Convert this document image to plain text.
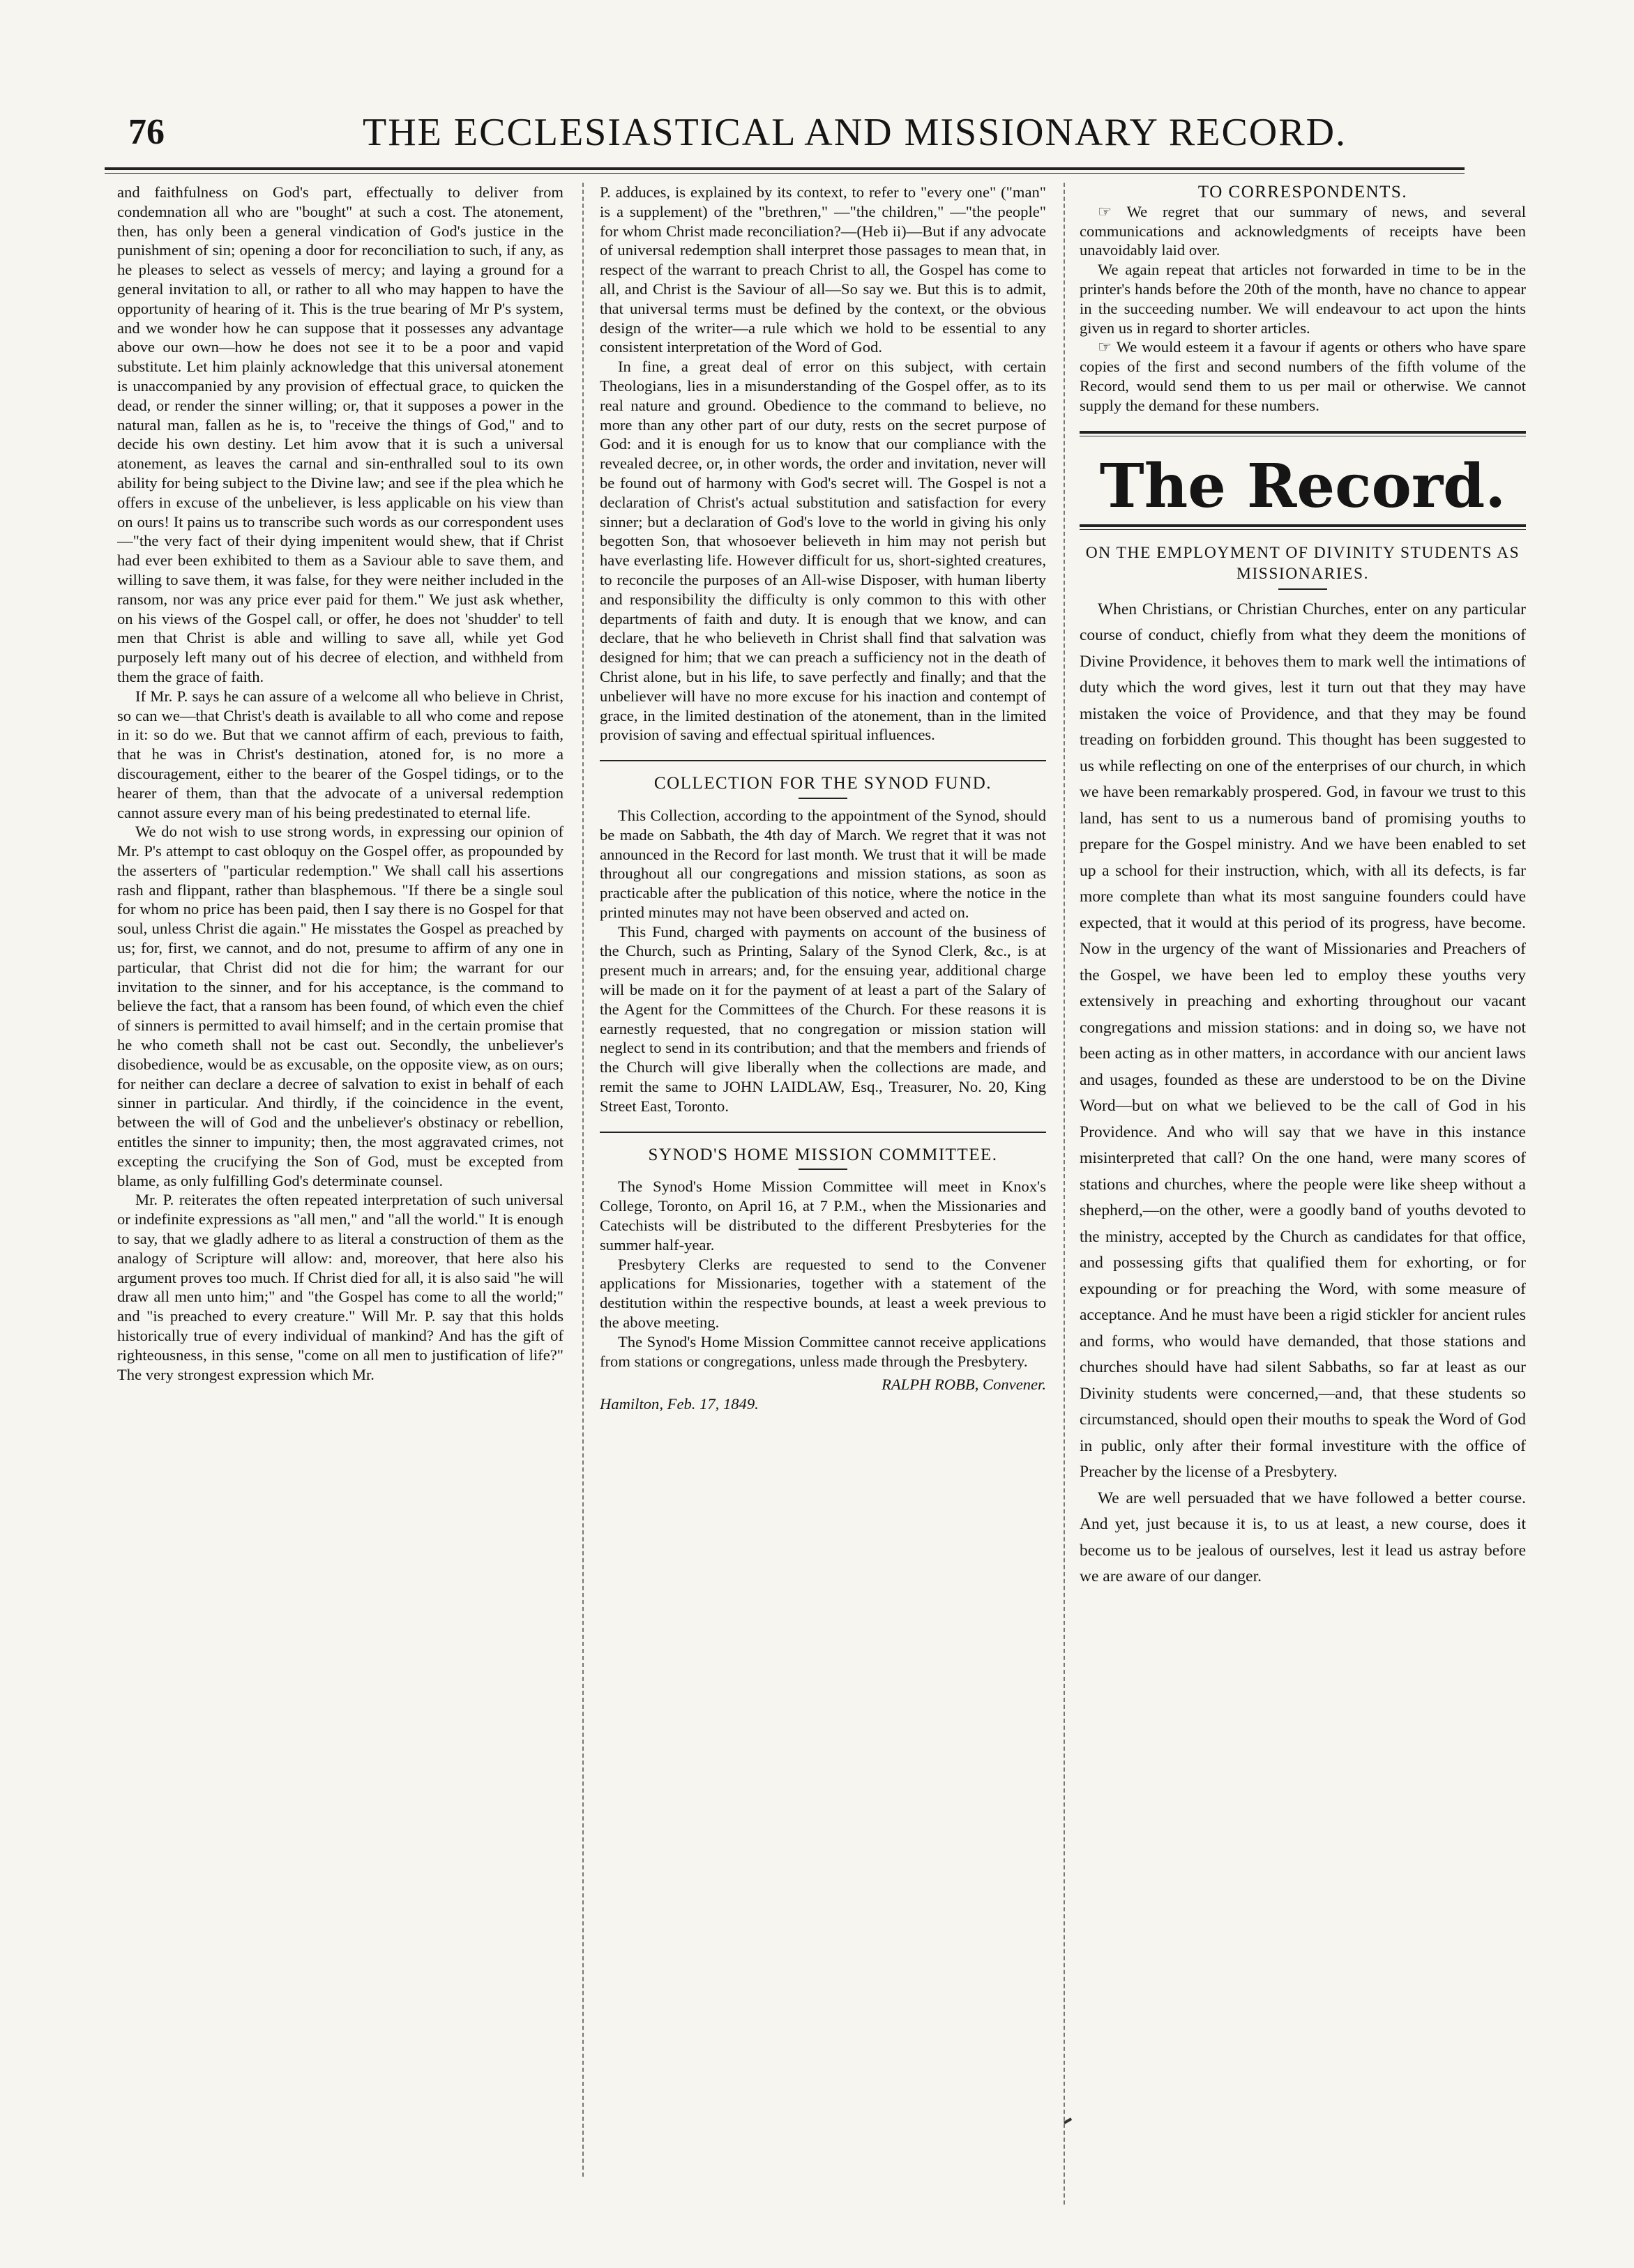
76	THE ECCLESIASTICAL AND MISSIONARY RECORD.

and faithfulness on God's part, effectually to deliver from condemnation all who are "bought" at such a cost. The atonement, then, has only been a general vindication of God's justice in the punishment of sin; opening a door for reconciliation to such, if any, as he pleases to select as vessels of mercy; and laying a ground for a general invitation to all, or rather to all who may happen to have the opportunity of hearing of it. This is the true bearing of Mr P's system, and we wonder how he can suppose that it possesses any advantage above our own—how he does not see it to be a poor and vapid substitute. Let him plainly acknowledge that this universal atonement is unaccompanied by any provision of effectual grace, to quicken the dead, or render the sinner willing; or, that it supposes a power in the natural man, fallen as he is, to "receive the things of God," and to decide his own destiny. Let him avow that it is such a universal atonement, as leaves the carnal and sin-enthralled soul to its own ability for being subject to the Divine law; and see if the plea which he offers in excuse of the unbeliever, is less applicable on his view than on ours! It pains us to transcribe such words as our correspondent uses —"the very fact of their dying impenitent would shew, that if Christ had ever been exhibited to them as a Saviour able to save them, and willing to save them, it was false, for they were neither included in the ransom, nor was any price ever paid for them." We just ask whether, on his views of the Gospel call, or offer, he does not 'shudder' to tell men that Christ is able and willing to save all, while yet God purposely left many out of his decree of election, and withheld from them the grace of faith.

If Mr. P. says he can assure of a welcome all who believe in Christ, so can we—that Christ's death is available to all who come and repose in it: so do we. But that we cannot affirm of each, previous to faith, that he was in Christ's destination, atoned for, is no more a discouragement, either to the bearer of the Gospel tidings, or to the hearer of them, than that the advocate of a universal redemption cannot assure every man of his being predestinated to eternal life.

We do not wish to use strong words, in expressing our opinion of Mr. P's attempt to cast obloquy on the Gospel offer, as propounded by the asserters of "particular redemption." We shall call his assertions rash and flippant, rather than blasphemous. "If there be a single soul for whom no price has been paid, then I say there is no Gospel for that soul, unless Christ die again." He misstates the Gospel as preached by us; for, first, we cannot, and do not, presume to affirm of any one in particular, that Christ did not die for him; the warrant for our invitation to the sinner, and for his acceptance, is the command to believe the fact, that a ransom has been found, of which even the chief of sinners is permitted to avail himself; and in the certain promise that he who cometh shall not be cast out. Secondly, the unbeliever's disobedience, would be as excusable, on the opposite view, as on ours; for neither can declare a decree of salvation to exist in behalf of each sinner in particular. And thirdly, if the coincidence in the event, between the will of God and the unbeliever's obstinacy or rebellion, entitles the sinner to impunity; then, the most aggravated crimes, not excepting the crucifying the Son of God, must be excepted from blame, as only fulfilling God's determinate counsel.

Mr. P. reiterates the often repeated interpretation of such universal or indefinite expressions as "all men," and "all the world." It is enough to say, that we gladly adhere to as literal a construction of them as the analogy of Scripture will allow: and, moreover, that here also his argument proves too much. If Christ died for all, it is also said "he will draw all men unto him;" and "the Gospel has come to all the world;" and "is preached to every creature." Will Mr. P. say that this holds historically true of every individual of mankind? And has the gift of righteousness, in this sense, "come on all men to justification of life?" The very strongest expression which Mr.

P. adduces, is explained by its context, to refer to "every one" ("man" is a supplement) of the "brethren," —"the children," —"the people" for whom Christ made reconciliation?—(Heb ii)—But if any advocate of universal redemption shall interpret those passages to mean that, in respect of the warrant to preach Christ to all, the Gospel has come to all, and Christ is the Saviour of all—So say we. But this is to admit, that universal terms must be defined by the context, or the obvious design of the writer—a rule which we hold to be essential to any consistent interpretation of the Word of God.

In fine, a great deal of error on this subject, with certain Theologians, lies in a misunderstanding of the Gospel offer, as to its real nature and ground. Obedience to the command to believe, no more than any other part of our duty, rests on the secret purpose of God: and it is enough for us to know that our compliance with the revealed decree, or, in other words, the order and invitation, never will be found out of harmony with God's secret will. The Gospel is not a declaration of Christ's actual substitution and satisfaction for every sinner; but a declaration of God's love to the world in giving his only begotten Son, that whosoever believeth in him may not perish but have everlasting life. However difficult for us, short-sighted creatures, to reconcile the purposes of an All-wise Disposer, with human liberty and responsibility the difficulty is only common to this with other departments of faith and duty. It is enough that we know, and can declare, that he who believeth in Christ shall find that salvation was designed for him; that we can preach a sufficiency not in the death of Christ alone, but in his life, to save perfectly and finally; and that the unbeliever will have no more excuse for his inaction and contempt of grace, in the limited destination of the atonement, than in the limited provision of saving and effectual spiritual influences.

COLLECTION FOR THE SYNOD FUND.

This Collection, according to the appointment of the Synod, should be made on Sabbath, the 4th day of March. We regret that it was not announced in the Record for last month. We trust that it will be made throughout all our congregations and mission stations, as soon as practicable after the publication of this notice, where the notice in the printed minutes may not have been observed and acted on.

This Fund, charged with payments on account of the business of the Church, such as Printing, Salary of the Synod Clerk, &c., is at present much in arrears; and, for the ensuing year, additional charge will be made on it for the payment of at least a part of the Salary of the Agent for the Committees of the Church. For these reasons it is earnestly requested, that no congregation or mission station will neglect to send in its contribution; and that the members and friends of the Church will give liberally when the collections are made, and remit the same to JOHN LAIDLAW, Esq., Treasurer, No. 20, King Street East, Toronto.

SYNOD'S HOME MISSION COMMITTEE.

The Synod's Home Mission Committee will meet in Knox's College, Toronto, on April 16, at 7 P.M., when the Missionaries and Catechists will be distributed to the different Presbyteries for the summer half-year.

Presbytery Clerks are requested to send to the Convener applications for Missionaries, together with a statement of the destitution within the respective bounds, at least a week previous to the above meeting.

The Synod's Home Mission Committee cannot receive applications from stations or congregations, unless made through the Presbytery.

RALPH ROBB, Convener.

Hamilton, Feb. 17, 1849.

TO CORRESPONDENTS.

☞ We regret that our summary of news, and several communications and acknowledgments of receipts have been unavoidably laid over.

We again repeat that articles not forwarded in time to be in the printer's hands before the 20th of the month, have no chance to appear in the succeeding number. We will endeavour to act upon the hints given us in regard to shorter articles.

☞ We would esteem it a favour if agents or others who have spare copies of the first and second numbers of the fifth volume of the Record, would send them to us per mail or otherwise. We cannot supply the demand for these numbers.

The Record.

ON THE EMPLOYMENT OF DIVINITY STUDENTS AS MISSIONARIES.

When Christians, or Christian Churches, enter on any particular course of conduct, chiefly from what they deem the monitions of Divine Providence, it behoves them to mark well the intimations of duty which the word gives, lest it turn out that they may have mistaken the voice of Providence, and that they may be found treading on forbidden ground. This thought has been suggested to us while reflecting on one of the enterprises of our church, in which we have been remarkably prospered. God, in favour we trust to this land, has sent to us a numerous band of promising youths to prepare for the Gospel ministry. And we have been enabled to set up a school for their instruction, which, with all its defects, is far more complete than what its most sanguine founders could have expected, that it would at this period of its progress, have become. Now in the urgency of the want of Missionaries and Preachers of the Gospel, we have been led to employ these youths very extensively in preaching and exhorting throughout our vacant congregations and mission stations: and in doing so, we have not been acting as in other matters, in accordance with our ancient laws and usages, founded as these are understood to be on the Divine Word—but on what we believed to be the call of God in his Providence. And who will say that we have in this instance misinterpreted that call? On the one hand, were many scores of stations and churches, where the people were like sheep without a shepherd,—on the other, were a goodly band of youths devoted to the ministry, accepted by the Church as candidates for that office, and possessing gifts that qualified them for exhorting, or for expounding or for preaching the Word, with some measure of acceptance. And he must have been a rigid stickler for ancient rules and forms, who would have demanded, that those stations and churches should have had silent Sabbaths, so far at least as our Divinity students were concerned,—and, that these students so circumstanced, should open their mouths to speak the Word of God in public, only after their formal investiture with the office of Preacher by the license of a Presbytery.

We are well persuaded that we have followed a better course. And yet, just because it is, to us at least, a new course, does it become us to be jealous of ourselves, lest it lead us astray before we are aware of our danger.
